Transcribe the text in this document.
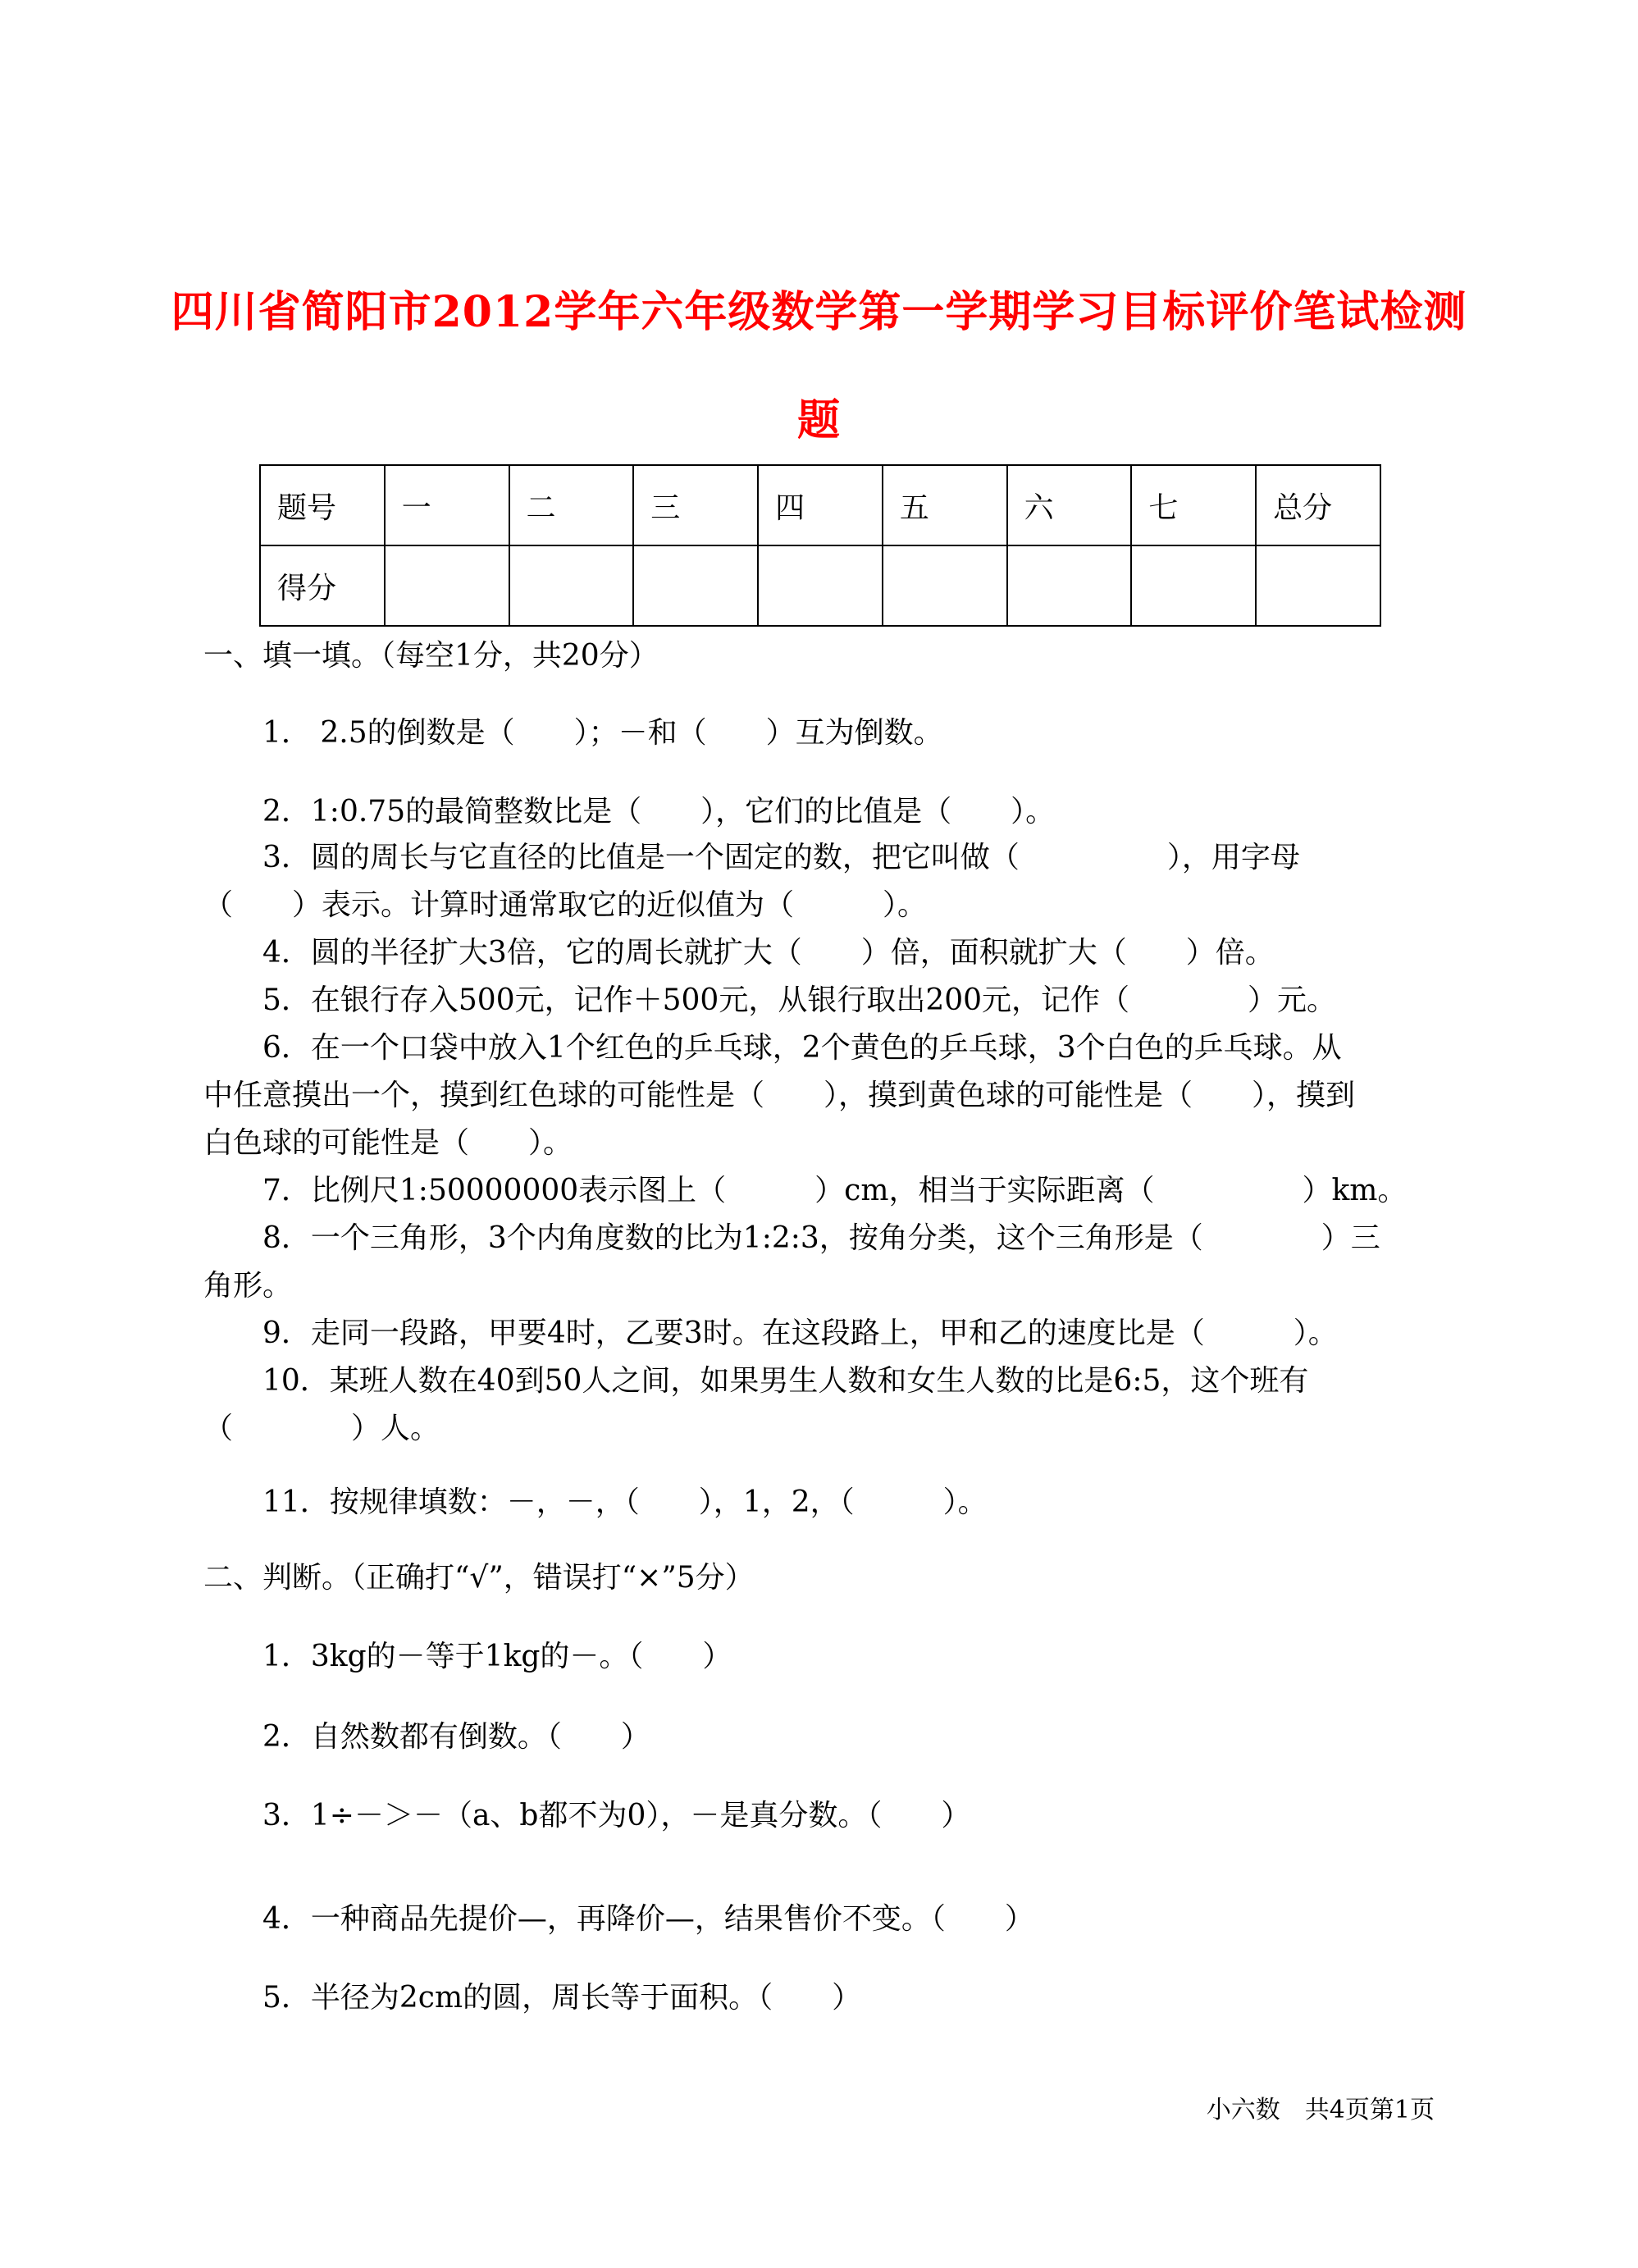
四川省简阳市2012学年六年级数学第一学期学习目标评价笔试检测
题
题号	一	二	三	四	五	六	七	总分
得分								
一、填一填。（每空1分，共20分）
1． 2.5的倒数是（　　）；－和（　　）互为倒数。
2．1:0.75的最简整数比是（　　），它们的比值是（　　）。
3．圆的周长与它直径的比值是一个固定的数，把它叫做（　　　　　），用字母
（　　）表示。计算时通常取它的近似值为（　　　）。
4．圆的半径扩大3倍，它的周长就扩大（　　）倍，面积就扩大（　　）倍。
5．在银行存入500元，记作＋500元，从银行取出200元，记作（　　　　）元。
6．在一个口袋中放入1个红色的乒乓球，2个黄色的乒乓球，3个白色的乒乓球。从
中任意摸出一个，摸到红色球的可能性是（　　），摸到黄色球的可能性是（　　），摸到
白色球的可能性是（　　）。
7．比例尺1:50000000表示图上（　　　）cm，相当于实际距离（　　　　　）km。
8．一个三角形，3个内角度数的比为1:2:3，按角分类，这个三角形是（　　　　）三
角形。
9．走同一段路，甲要4时，乙要3时。在这段路上，甲和乙的速度比是（　　　）。
10．某班人数在40到50人之间，如果男生人数和女生人数的比是6:5，这个班有
（　　　　）人。
11．按规律填数：－，－，（　　），1，2，（　　　）。
二、判断。（正确打“√”，错误打“×”5分）
1．3kg的－等于1kg的－。（　　）
2．自然数都有倒数。（　　）
3．1÷－＞－（a、b都不为0），－是真分数。（　　）
4．一种商品先提价—，再降价—，结果售价不变。（　　）
5．半径为2cm的圆，周长等于面积。（　　）
小六数　共4页第1页
